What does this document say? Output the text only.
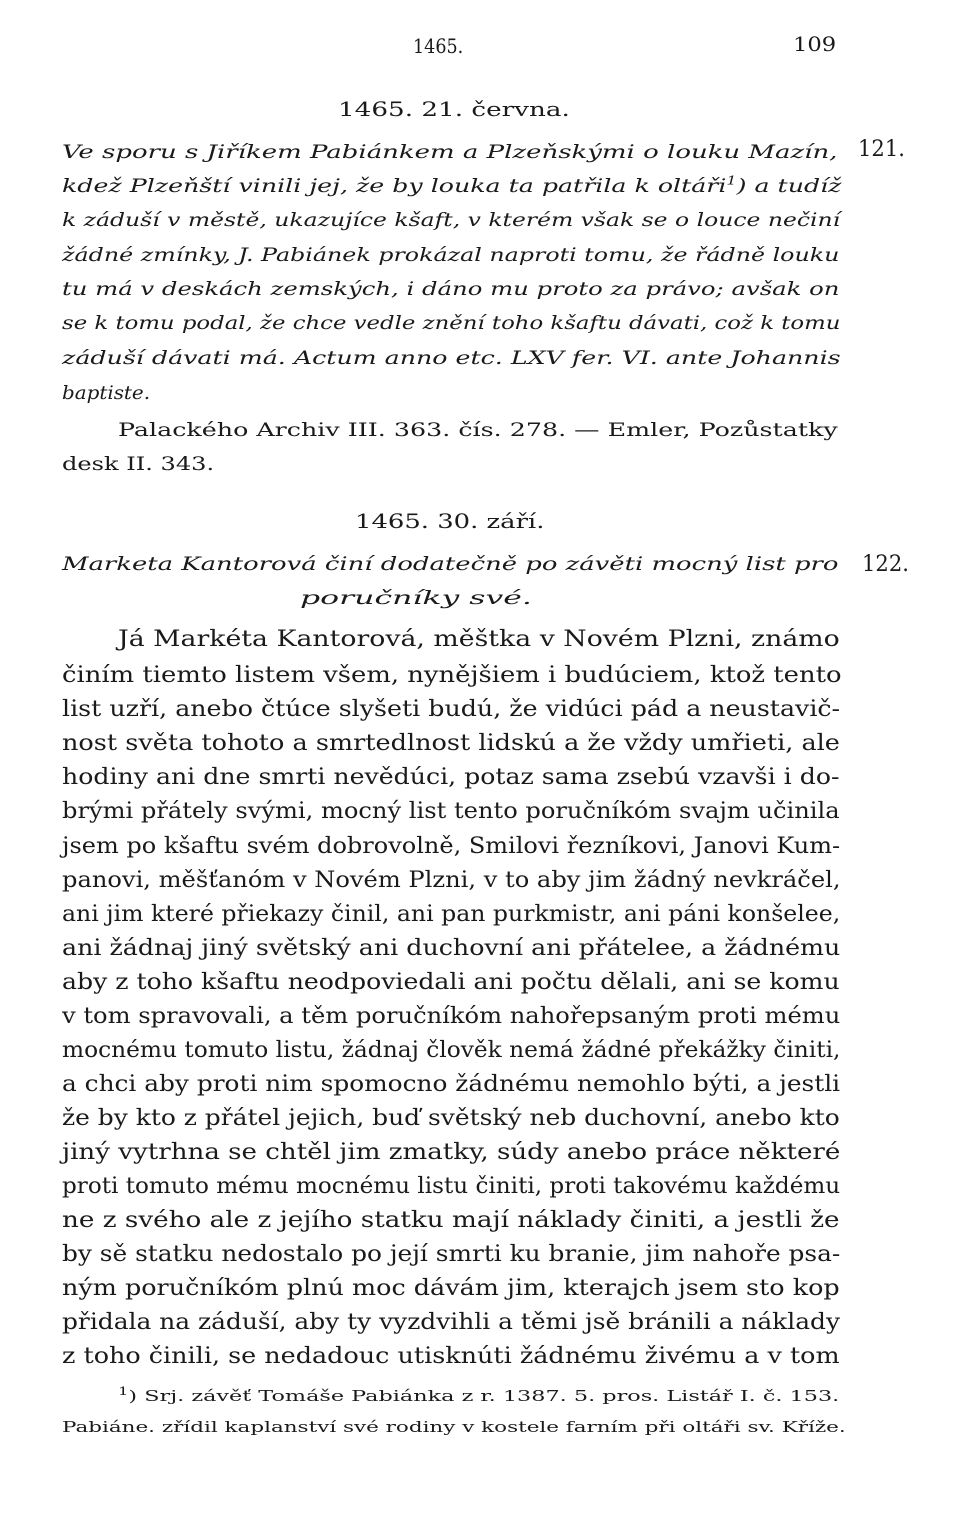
1465.	109
1465. 21. června.
121.
Ve sporu s Jiříkem Pabiánkem a Plzeňskými o louku Mazín,
kdež Plzeňští vinili jej, že by louka ta patřila k oltáři$^1$) a tudíž
k záduší v městě, ukazujíce kšaft, v kterém však se o louce nečiní
žádné zmínky, J. Pabiánek prokázal naproti tomu, že řádně louku
tu má v deskách zemských, i dáno mu proto za právo; avšak on
se k tomu podal, že chce vedle znění toho kšaftu dávati, což k tomu
záduší dávati má. Actum anno etc. LXV fer. VI. ante Johannis
baptiste.
Palackého Archiv III. 363. čís. 278. — Emler, Pozůstatky
desk II. 343.
1465. 30. září.
122.
Marketa Kantorová činí dodatečně po závěti mocný list pro
poručníky své.
Já Markéta Kantorová, měštka v Novém Plzni, známo
činím tiemto listem všem, nynějšiem i budúciem, ktož tento
list uzří, anebo čtúce slyšeti budú, že vidúci pád a neustavič-
nost světa tohoto a smrtedlnost lidskú a že vždy umřieti, ale
hodiny ani dne smrti nevědúci, potaz sama zsebú vzavši i do-
brými přátely svými, mocný list tento poručníkóm svajm učinila
jsem po kšaftu svém dobrovolně, Smilovi řezníkovi, Janovi Kum-
panovi, měšťanóm v Novém Plzni, v to aby jim žádný nevkráčel,
ani jim které přiekazy činil, ani pan purkmistr, ani páni konšelee,
ani žádnaj jiný světský ani duchovní ani přátelee, a žádnému
aby z toho kšaftu neodpoviedali ani počtu dělali, ani se komu
v tom spravovali, a těm poručníkóm nahořepsaným proti mému
mocnému tomuto listu, žádnaj člověk nemá žádné překážky činiti,
a chci aby proti nim spomocno žádnému nemohlo býti, a jestli
že by kto z přátel jejich, buď světský neb duchovní, anebo kto
jiný vytrhna se chtěl jim zmatky, súdy anebo práce některé
proti tomuto mému mocnému listu činiti, proti takovému každému
ne z svého ale z jejího statku mají náklady činiti, a jestli že
by sě statku nedostalo po její smrti ku branie, jim nahoře psa-
ným poručníkóm plnú moc dávám jim, kterajch jsem sto kop
přidala na záduší, aby ty vyzdvihli a těmi jsě bránili a náklady
z toho činili, se nedadouc utisknúti žádnému živému a v tom
$^1$) Srj. závěť Tomáše Pabiánka z r. 1387. 5. pros. Listář I. č. 153.
Pabiáne. zřídil kaplanství své rodiny v kostele farním při oltáři sv. Kříže.
